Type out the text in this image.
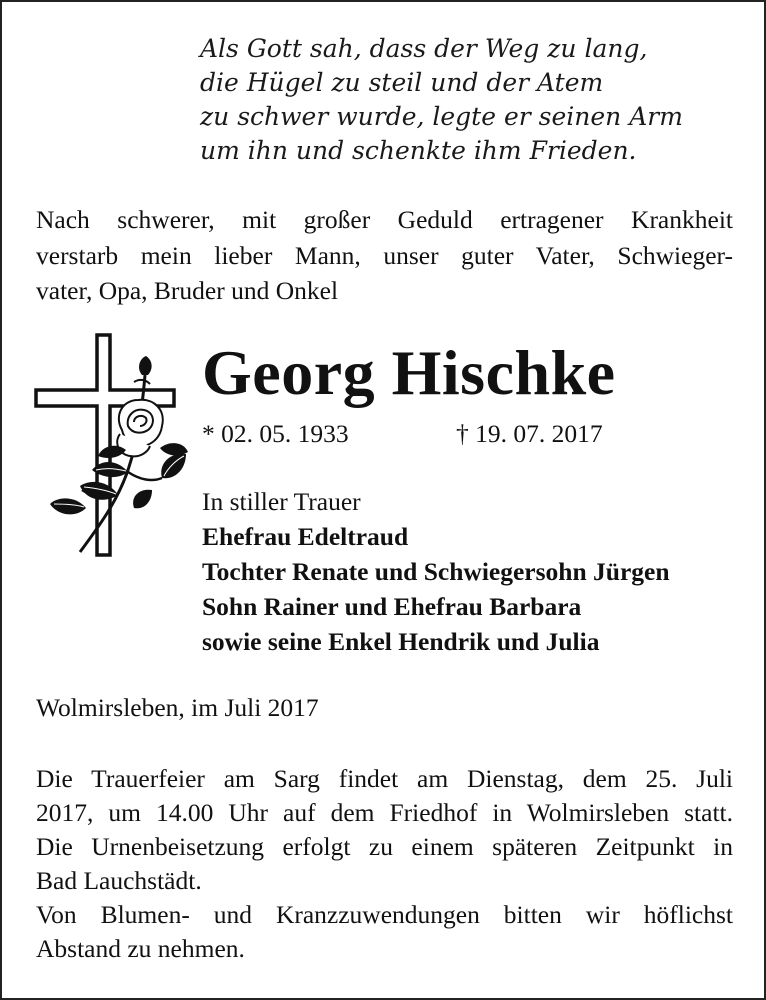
Als Gott sah, dass der Weg zu lang,
die Hügel zu steil und der Atem
zu schwer wurde, legte er seinen Arm
um ihn und schenkte ihm Frieden.
Nach schwerer, mit großer Geduld ertragener Krankheit
verstarb mein lieber Mann, unser guter Vater, Schwieger-
vater, Opa, Bruder und Onkel
Georg Hischke
* 02. 05. 1933	† 19. 07. 2017
In stiller Trauer
Ehefrau Edeltraud
Tochter Renate und Schwiegersohn Jürgen
Sohn Rainer und Ehefrau Barbara
sowie seine Enkel Hendrik und Julia
Wolmirsleben, im Juli 2017
Die Trauerfeier am Sarg findet am Dienstag, dem 25. Juli
2017, um 14.00 Uhr auf dem Friedhof in Wolmirsleben statt.
Die Urnenbeisetzung erfolgt zu einem späteren Zeitpunkt in
Bad Lauchstädt.
Von Blumen- und Kranzzuwendungen bitten wir höflichst
Abstand zu nehmen.
